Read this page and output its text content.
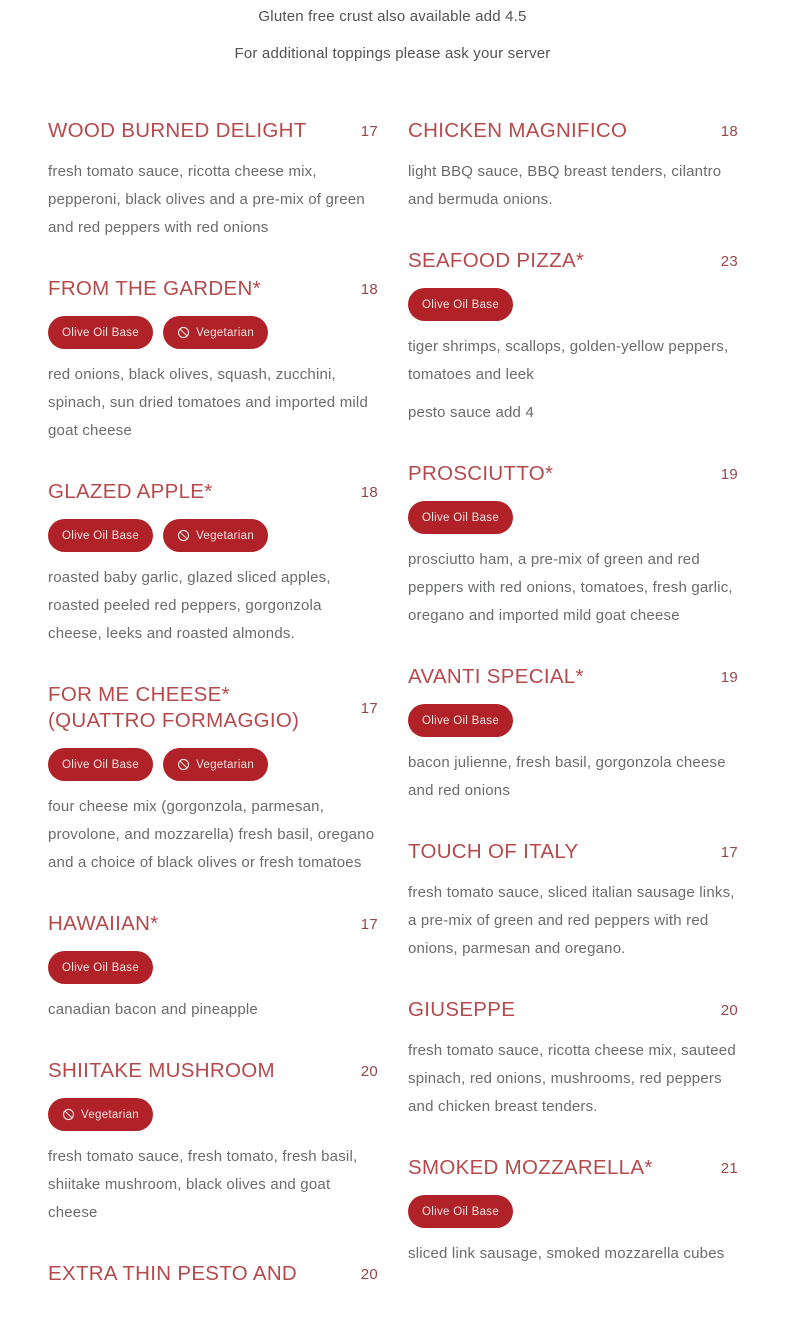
Gluten free crust also available add 4.5

For additional toppings please ask your server

WOOD BURNED DELIGHT	17

fresh tomato sauce, ricotta cheese mix, pepperoni, black olives and a pre-mix of green and red peppers with red onions

FROM THE GARDEN*	18
Olive Oil Base	Vegetarian

red onions, black olives, squash, zucchini, spinach, sun dried tomatoes and imported mild goat cheese

GLAZED APPLE*	18
Olive Oil Base	Vegetarian

roasted baby garlic, glazed sliced apples, roasted peeled red peppers, gorgonzola cheese, leeks and roasted almonds.

FOR ME CHEESE* (QUATTRO FORMAGGIO)
17
Olive Oil Base	Vegetarian

four cheese mix (gorgonzola, parmesan, provolone, and mozzarella) fresh basil, oregano and a choice of black olives or fresh tomatoes

HAWAIIAN*	17
Olive Oil Base

canadian bacon and pineapple

SHIITAKE MUSHROOM	20
Vegetarian

fresh tomato sauce, fresh tomato, fresh basil, shiitake mushroom, black olives and goat cheese

EXTRA THIN PESTO AND	20
CHICKEN MAGNIFICO	18

light BBQ sauce, BBQ breast tenders, cilantro and bermuda onions.

SEAFOOD PIZZA*	23
Olive Oil Base

tiger shrimps, scallops, golden-yellow peppers, tomatoes and leek

pesto sauce add 4

PROSCIUTTO*	19
Olive Oil Base

prosciutto ham, a pre-mix of green and red peppers with red onions, tomatoes, fresh garlic, oregano and imported mild goat cheese

AVANTI SPECIAL*	19
Olive Oil Base

bacon julienne, fresh basil, gorgonzola cheese and red onions

TOUCH OF ITALY	17

fresh tomato sauce, sliced italian sausage links, a pre-mix of green and red peppers with red onions, parmesan and oregano.

GIUSEPPE	20

fresh tomato sauce, ricotta cheese mix, sauteed spinach, red onions, mushrooms, red peppers and chicken breast tenders.

SMOKED MOZZARELLA*	21
Olive Oil Base

sliced link sausage, smoked mozzarella cubes
